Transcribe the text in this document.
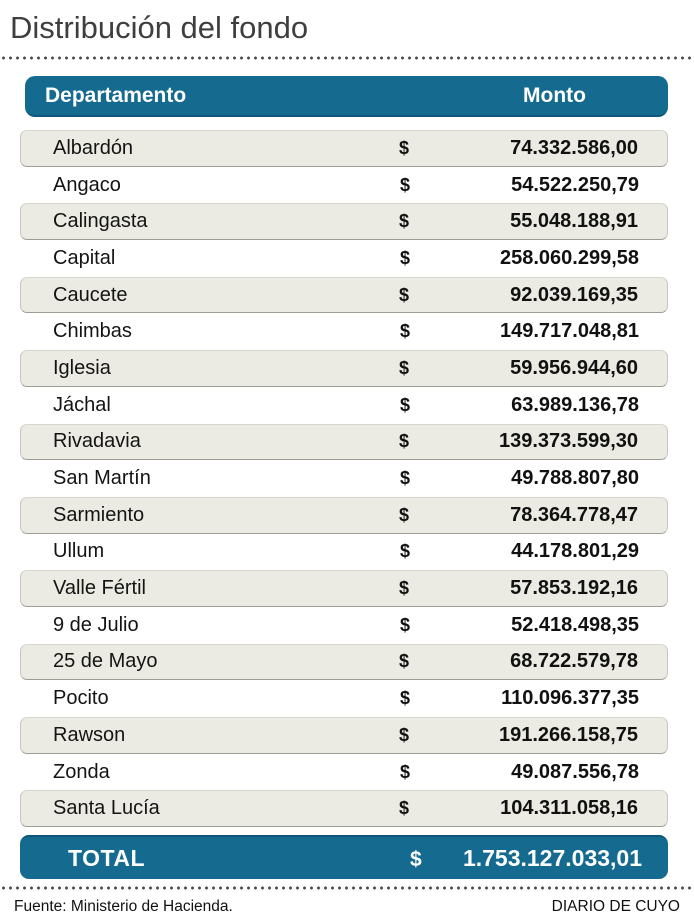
Distribución del fondo
Departamento	Monto
Albardón	$	74.332.586,00
Angaco	$	54.522.250,79
Calingasta	$	55.048.188,91
Capital	$	258.060.299,58
Caucete	$	92.039.169,35
Chimbas	$	149.717.048,81
Iglesia	$	59.956.944,60
Jáchal	$	63.989.136,78
Rivadavia	$	139.373.599,30
San Martín	$	49.788.807,80
Sarmiento	$	78.364.778,47
Ullum	$	44.178.801,29
Valle Fértil	$	57.853.192,16
9 de Julio	$	52.418.498,35
25 de Mayo	$	68.722.579,78
Pocito	$	110.096.377,35
Rawson	$	191.266.158,75
Zonda	$	49.087.556,78
Santa Lucía	$	104.311.058,16
TOTAL	$ 1.753.127.033,01
Fuente: Ministerio de Hacienda.	DIARIO DE CUYO
